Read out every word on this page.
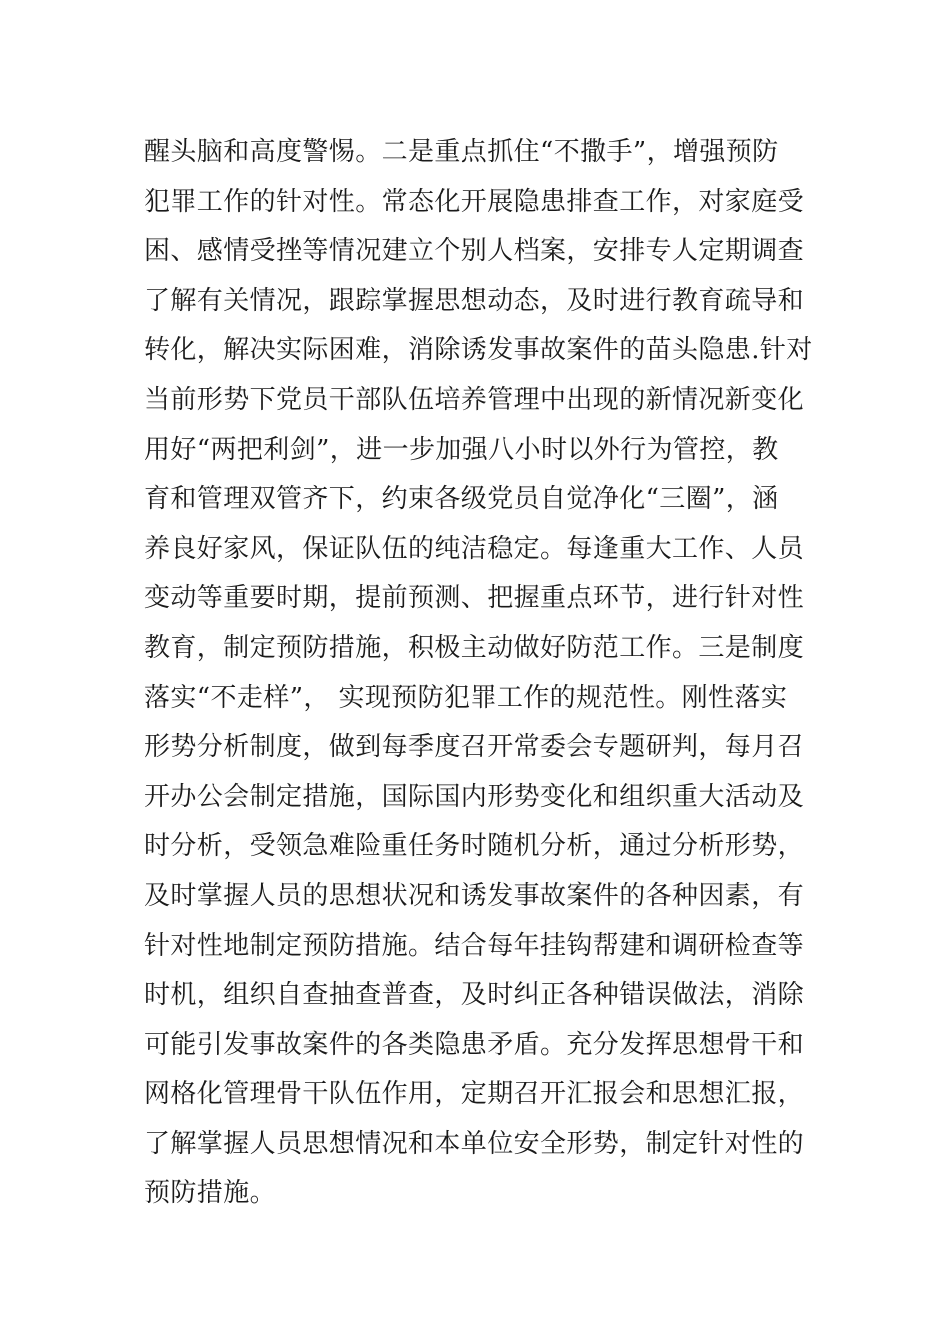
醒头脑和高度警惕。二是重点抓住“不撒手”，增强预防
犯罪工作的针对性。常态化开展隐患排查工作，对家庭受
困、感情受挫等情况建立个别人档案，安排专人定期调查
了解有关情况，跟踪掌握思想动态，及时进行教育疏导和
转化，解决实际困难，消除诱发事故案件的苗头隐患.针对
当前形势下党员干部队伍培养管理中出现的新情况新变化
用好“两把利剑”，进一步加强八小时以外行为管控，教
育和管理双管齐下，约束各级党员自觉净化“三圈”，涵
养良好家风，保证队伍的纯洁稳定。每逢重大工作、人员
变动等重要时期，提前预测、把握重点环节，进行针对性
教育，制定预防措施，积极主动做好防范工作。三是制度
落实“不走样”， 实现预防犯罪工作的规范性。刚性落实
形势分析制度，做到每季度召开常委会专题研判，每月召
开办公会制定措施，国际国内形势变化和组织重大活动及
时分析，受领急难险重任务时随机分析，通过分析形势，
及时掌握人员的思想状况和诱发事故案件的各种因素，有
针对性地制定预防措施。结合每年挂钩帮建和调研检查等
时机，组织自查抽查普查，及时纠正各种错误做法，消除
可能引发事故案件的各类隐患矛盾。充分发挥思想骨干和
网格化管理骨干队伍作用，定期召开汇报会和思想汇报，
了解掌握人员思想情况和本单位安全形势，制定针对性的
预防措施。
